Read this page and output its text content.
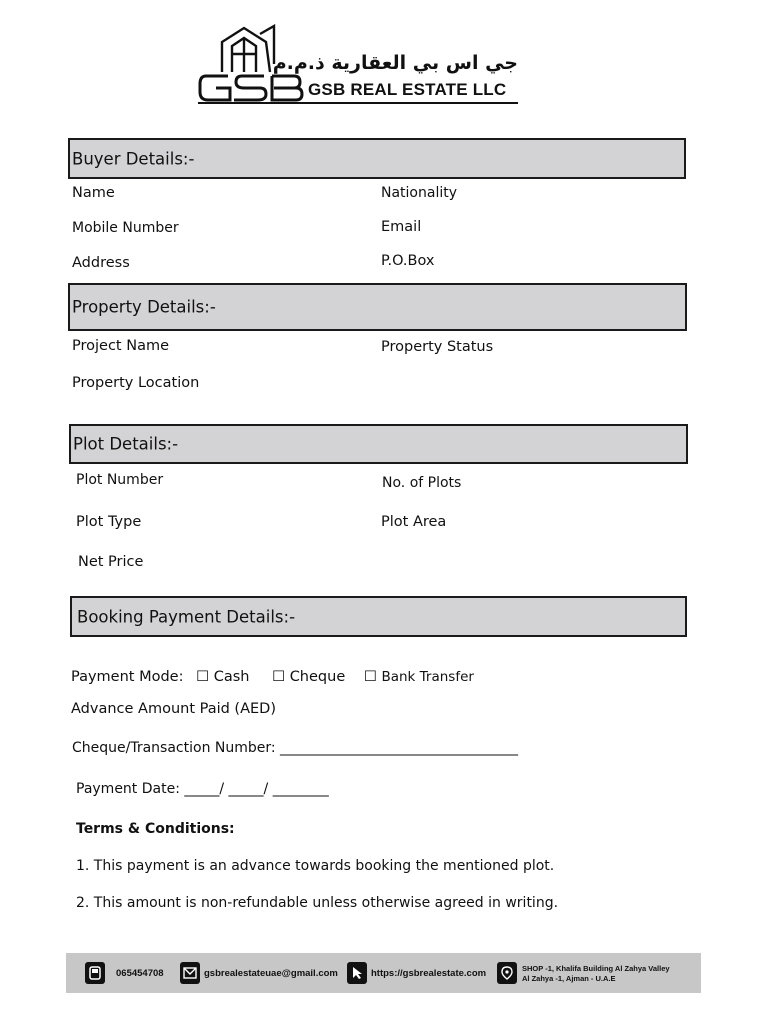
جي اس بي العقارية ذ.م.م
GSB REAL ESTATE LLC
Buyer Details:-
Name	Nationality
Mobile Number	Email
Address	P.O.Box
Property Details:-
Project Name	Property Status
Property Location
Plot Details:-
Plot Number	No. of Plots
Plot Type	Plot Area
Net Price
Booking Payment Details:-
Payment Mode: ☐ Cash ☐ Cheque ☐ Bank Transfer
Advance Amount Paid (AED)
Cheque/Transaction Number: __________________________________
Payment Date: _____/ _____/ ________
Terms & Conditions:
1. This payment is an advance towards booking the mentioned plot.
2. This amount is non-refundable unless otherwise agreed in writing.
065454708	gsbrealestateuae@gmail.com	https://gsbrealestate.com	SHOP -1, Khalifa Building Al Zahya Valley
Al Zahya -1, Ajman - U.A.E
